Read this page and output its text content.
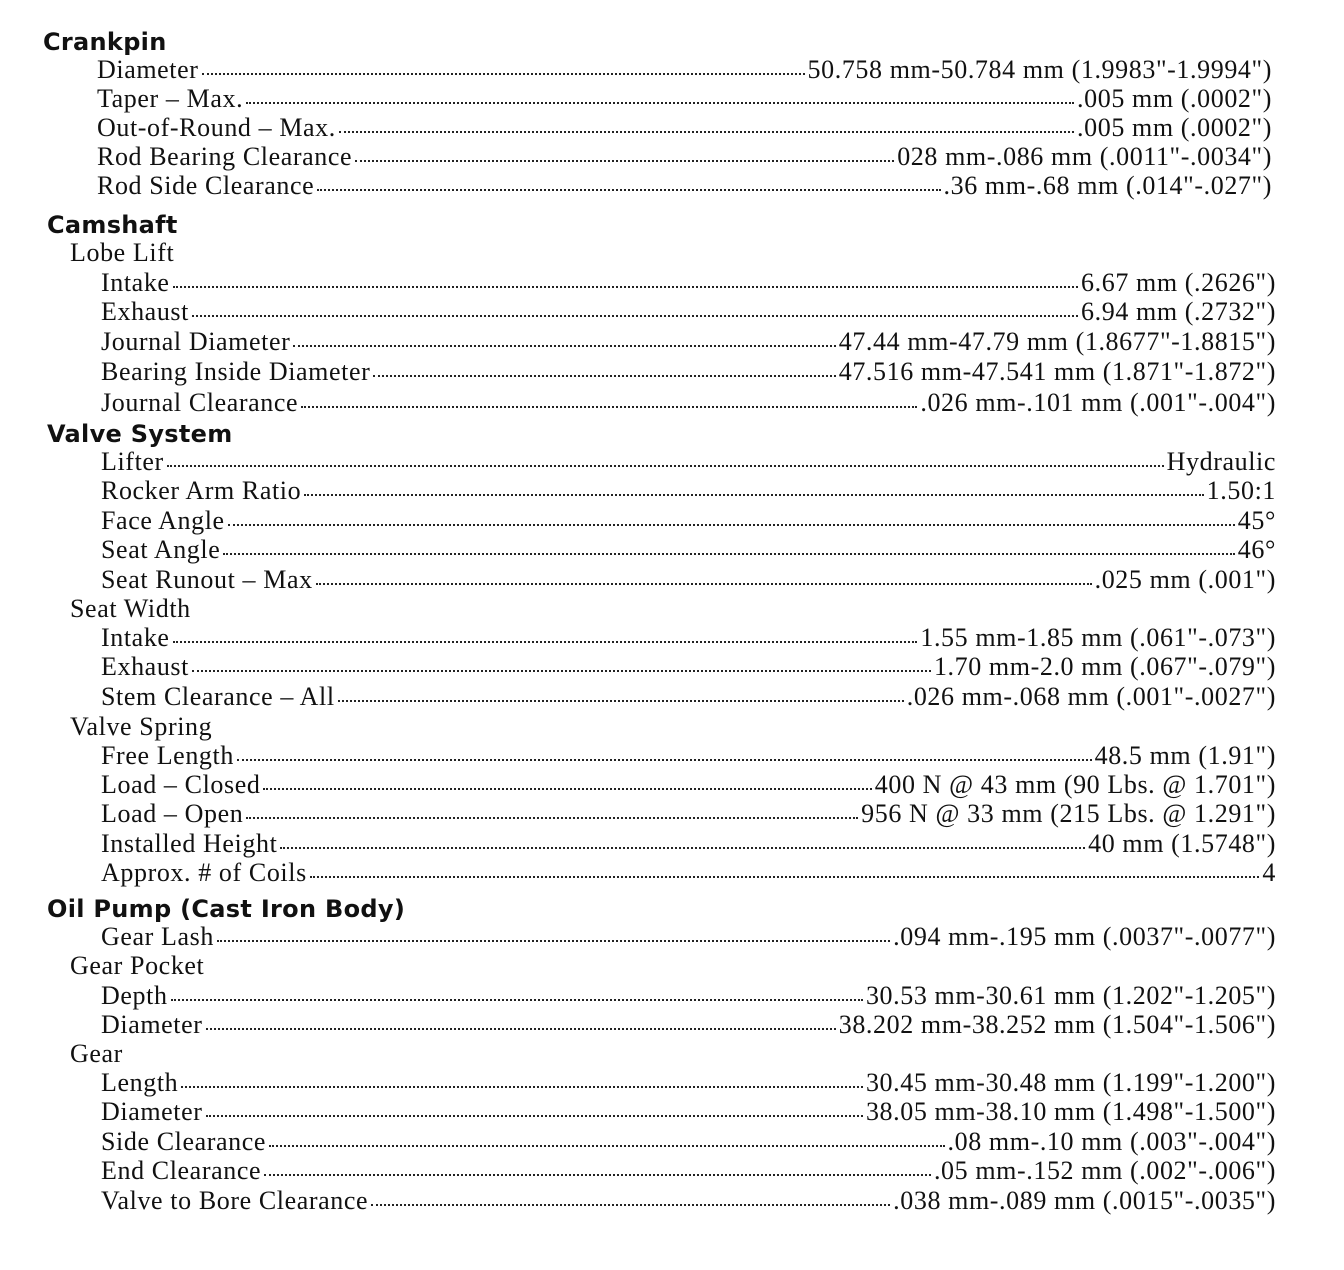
Crankpin
Diameter	50.758 mm-50.784 mm (1.9983"-1.9994")
Taper – Max.	.005 mm (.0002")
Out-of-Round – Max.	.005 mm (.0002")
Rod Bearing Clearance	028 mm-.086 mm (.0011"-.0034")
Rod Side Clearance	.36 mm-.68 mm (.014"-.027")
Camshaft
Lobe Lift
Intake	6.67 mm (.2626")
Exhaust	6.94 mm (.2732")
Journal Diameter	47.44 mm-47.79 mm (1.8677"-1.8815")
Bearing Inside Diameter	47.516 mm-47.541 mm (1.871"-1.872")
Journal Clearance	.026 mm-.101 mm (.001"-.004")
Valve System
Lifter	Hydraulic
Rocker Arm Ratio	1.50:1
Face Angle	45°
Seat Angle	46°
Seat Runout – Max	.025 mm (.001")
Seat Width
Intake	1.55 mm-1.85 mm (.061"-.073")
Exhaust	1.70 mm-2.0 mm (.067"-.079")
Stem Clearance – All	.026 mm-.068 mm (.001"-.0027")
Valve Spring
Free Length	48.5 mm (1.91")
Load – Closed	400 N @ 43 mm (90 Lbs. @ 1.701")
Load – Open	956 N @ 33 mm (215 Lbs. @ 1.291")
Installed Height	40 mm (1.5748")
Approx. # of Coils	4
Oil Pump (Cast Iron Body)
Gear Lash	.094 mm-.195 mm (.0037"-.0077")
Gear Pocket
Depth	30.53 mm-30.61 mm (1.202"-1.205")
Diameter	38.202 mm-38.252 mm (1.504"-1.506")
Gear
Length	30.45 mm-30.48 mm (1.199"-1.200")
Diameter	38.05 mm-38.10 mm (1.498"-1.500")
Side Clearance	.08 mm-.10 mm (.003"-.004")
End Clearance	.05 mm-.152 mm (.002"-.006")
Valve to Bore Clearance	.038 mm-.089 mm (.0015"-.0035")
